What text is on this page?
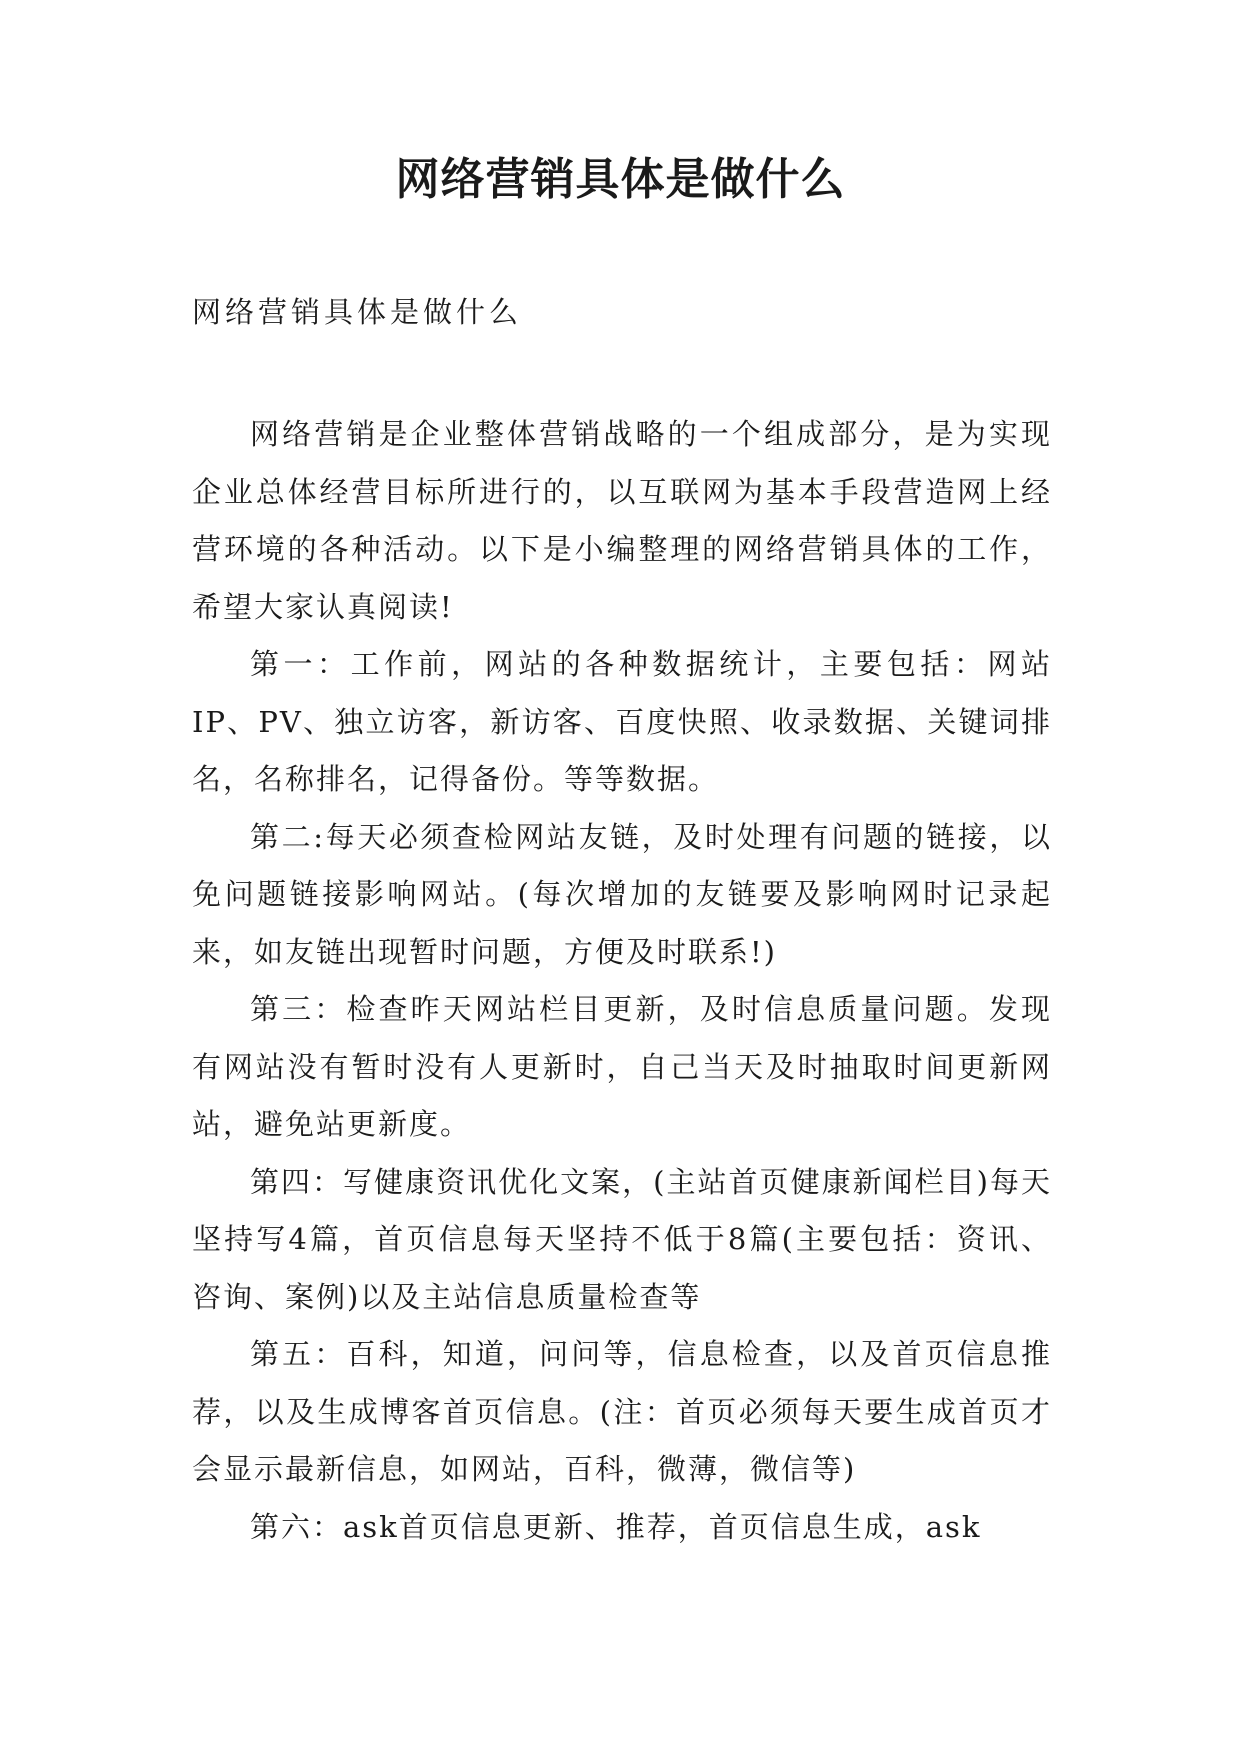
网络营销具体是做什么

网络营销具体是做什么

网络营销是企业整体营销战略的一个组成部分，是为实现企业总体经营目标所进行的，以互联网为基本手段营造网上经营环境的各种活动。以下是小编整理的网络营销具体的工作，希望大家认真阅读!

第一：工作前，网站的各种数据统计，主要包括：网站IP、PV、独立访客，新访客、百度快照、收录数据、关键词排名，名称排名，记得备份。等等数据。

第二:每天必须查检网站友链，及时处理有问题的链接，以免问题链接影响网站。(每次增加的友链要及影响网时记录起来，如友链出现暂时问题，方便及时联系!)

第三：检查昨天网站栏目更新，及时信息质量问题。发现有网站没有暂时没有人更新时，自己当天及时抽取时间更新网站，避免站更新度。

第四：写健康资讯优化文案，(主站首页健康新闻栏目)每天坚持写4篇，首页信息每天坚持不低于8篇(主要包括：资讯、咨询、案例)以及主站信息质量检查等

第五：百科，知道，问问等，信息检查，以及首页信息推荐，以及生成博客首页信息。(注：首页必须每天要生成首页才会显示最新信息，如网站，百科，微薄，微信等)

第六：ask首页信息更新、推荐，首页信息生成，ask
